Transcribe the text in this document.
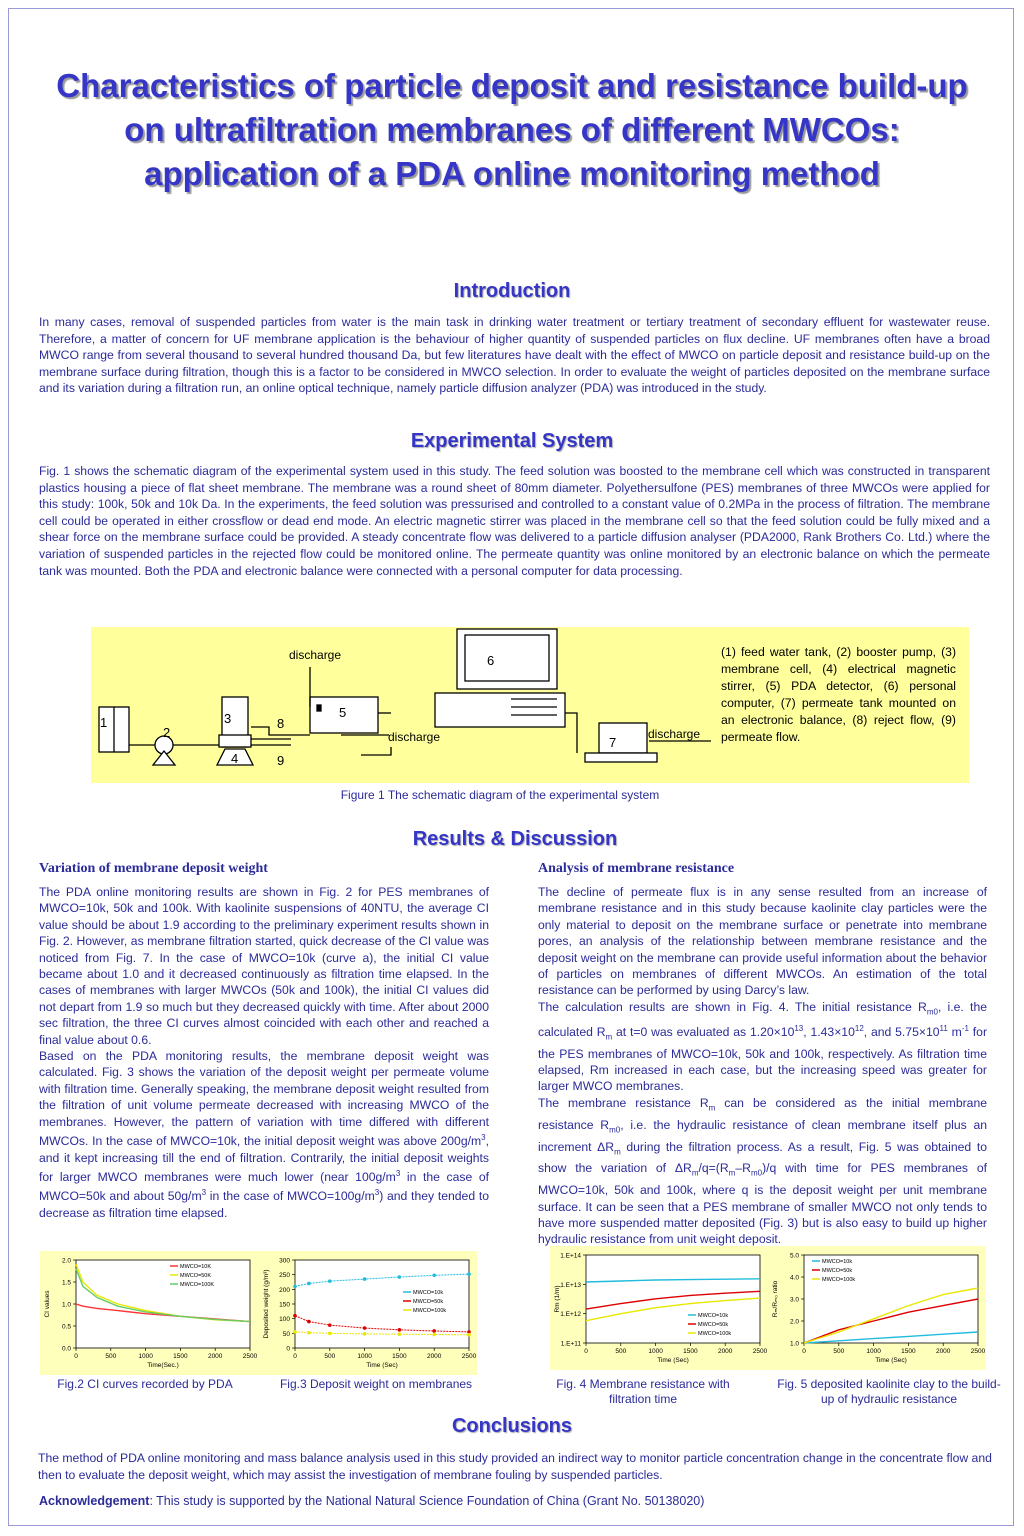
Characteristics of particle deposit and resistance build-up on ultrafiltration membranes of different MWCOs: application of a PDA online monitoring method
Introduction

In many cases, removal of suspended particles from water is the main task in drinking water treatment or tertiary treatment of secondary effluent for wastewater reuse. Therefore, a matter of concern for UF membrane application is the behaviour of higher quantity of suspended particles on flux decline. UF membranes often have a broad MWCO range from several thousand to several hundred thousand Da, but few literatures have dealt with the effect of MWCO on particle deposit and resistance build-up on the membrane surface during filtration, though this is a factor to be considered in MWCO selection. In order to evaluate the weight of particles deposited on the membrane surface and its variation during a filtration run, an online optical technique, namely particle diffusion analyzer (PDA) was introduced in the study.

Experimental System

Fig. 1 shows the schematic diagram of the experimental system used in this study. The feed solution was boosted to the membrane cell which was constructed in transparent plastics housing a piece of flat sheet membrane. The membrane was a round sheet of 80mm diameter. Polyethersulfone (PES) membranes of three MWCOs were applied for this study: 100k, 50k and 10k Da. In the experiments, the feed solution was pressurised and controlled to a constant value of 0.2MPa in the process of filtration. The membrane cell could be operated in either crossflow or dead end mode. An electric magnetic stirrer was placed in the membrane cell so that the feed solution could be fully mixed and a shear force on the membrane surface could be provided. A steady concentrate flow was delivered to a particle diffusion analyser (PDA2000, Rank Brothers Co. Ltd.) where the variation of suspended particles in the rejected flow could be monitored online. The permeate quantity was online monitored by an electronic balance on which the permeate tank was mounted. Both the PDA and electronic balance were connected with a personal computer for data processing.

1
2
3
4
5
6
7
8
9
discharge
discharge	discharge
(1) feed water tank, (2) booster pump, (3) membrane cell, (4) electrical magnetic stirrer, (5) PDA detector, (6) personal computer, (7) permeate tank mounted on an electronic balance, (8) reject flow, (9) permeate flow.
Figure 1 The schematic diagram of the experimental system
Results & Discussion
Variation of membrane deposit weight

The PDA online monitoring results are shown in Fig. 2 for PES membranes of MWCO=10k, 50k and 100k. With kaolinite suspensions of 40NTU, the average CI value should be about 1.9 according to the preliminary experiment results shown in Fig. 2. However, as membrane filtration started, quick decrease of the CI value was noticed from Fig. 7. In the case of MWCO=10k (curve a), the initial CI value became about 1.0 and it decreased continuously as filtration time elapsed. In the cases of membranes with larger MWCOs (50k and 100k), the initial CI values did not depart from 1.9 so much but they decreased quickly with time. After about 2000 sec filtration, the three CI curves almost coincided with each other and reached a final value about 0.6.

Based on the PDA monitoring results, the membrane deposit weight was calculated. Fig. 3 shows the variation of the deposit weight per permeate volume with filtration time. Generally speaking, the membrane deposit weight resulted from the filtration of unit volume permeate decreased with increasing MWCO of the membranes. However, the pattern of variation with time differed with different MWCOs. In the case of MWCO=10k, the initial deposit weight was above $200g/m^3$, and it kept increasing till the end of filtration. Contrarily, the initial deposit weights for larger MWCO membranes were much lower (near $100g/m^3$ in the case of MWCO=50k and about $50g/m^3$ in the case of $MWCO=100g/m^3$) and they tended to decrease as filtration time elapsed.

Analysis of membrane resistance

The decline of permeate flux is in any sense resulted from an increase of membrane resistance and in this study because kaolinite clay particles were the only material to deposit on the membrane surface or penetrate into membrane pores, an analysis of the relationship between membrane resistance and the deposit weight on the membrane can provide useful information about the behavior of particles on membranes of different MWCOs. An estimation of the total resistance can be performed by using Darcy’s law.

The calculation results are shown in Fig. 4. The initial resistance $R_{m0}$, i.e. the calculated $R_m$ at t=0 was evaluated as $1.20\times 10^{13}$, $1.43\times 10^{12}$, and $5.75\times 10^{11}$ $m^{-1}$ for the PES membranes of MWCO=10k, 50k and 100k, respectively. As filtration time elapsed, Rm increased in each case, but the increasing speed was greater for larger MWCO membranes.

The membrane resistance $R_m$ can be considered as the initial membrane resistance $R_{m0}$, i.e. the hydraulic resistance of clean membrane itself plus an increment $\Delta R_m$ during the filtration process. As a result, Fig. 5 was obtained to show the variation of $\Delta R_m/q=(R_m-R_{m0})/q$ with time for PES membranes of MWCO=10k, 50k and 100k, where q is the deposit weight per unit membrane surface. It can be seen that a PES membrane of smaller MWCO not only tends to have more suspended matter deposited (Fig. 3) but is also easy to build up higher hydraulic resistance from unit weight deposit.

0.0
0.5
1.0
1.5
2.0
0	500	1000	1500	2000	2500
Time(Sec.)
CI values
MWCO=10K
MWCO=50K
MWCO=100K
0
50
100
150
200
250
300
0	500	1000	1500	2000	2500
Time (Sec)
Deposited weight (g/m³)	MWCO=10k
MWCO=50k
MWCO=100k
1.E+11
1.E+12
1.E+13
1.E+14
0	500	1000	1500	2000	2500
Time (Sec)
Rm (1/m)
MWCO=10k
MWCO=50k
MWCO=100k
1.0
2.0
3.0
4.0
5.0
0	500	1000	1500	2000	2500
Time (Sec)
Rₘ/Rₘ₀ ratio
MWCO=10k
MWCO=50k
MWCO=100k
Fig.2 CI curves recorded by PDA	Fig.3 Deposit weight on membranes	Fig. 4 Membrane resistance with filtration time
Fig. 5 deposited kaolinite clay to the build-up of hydraulic resistance
Conclusions

The method of PDA online monitoring and mass balance analysis used in this study provided an indirect way to monitor particle concentration change in the concentrate flow and then to evaluate the deposit weight, which may assist the investigation of membrane fouling by suspended particles.

Acknowledgement: This study is supported by the National Natural Science Foundation of China (Grant No. 50138020)
